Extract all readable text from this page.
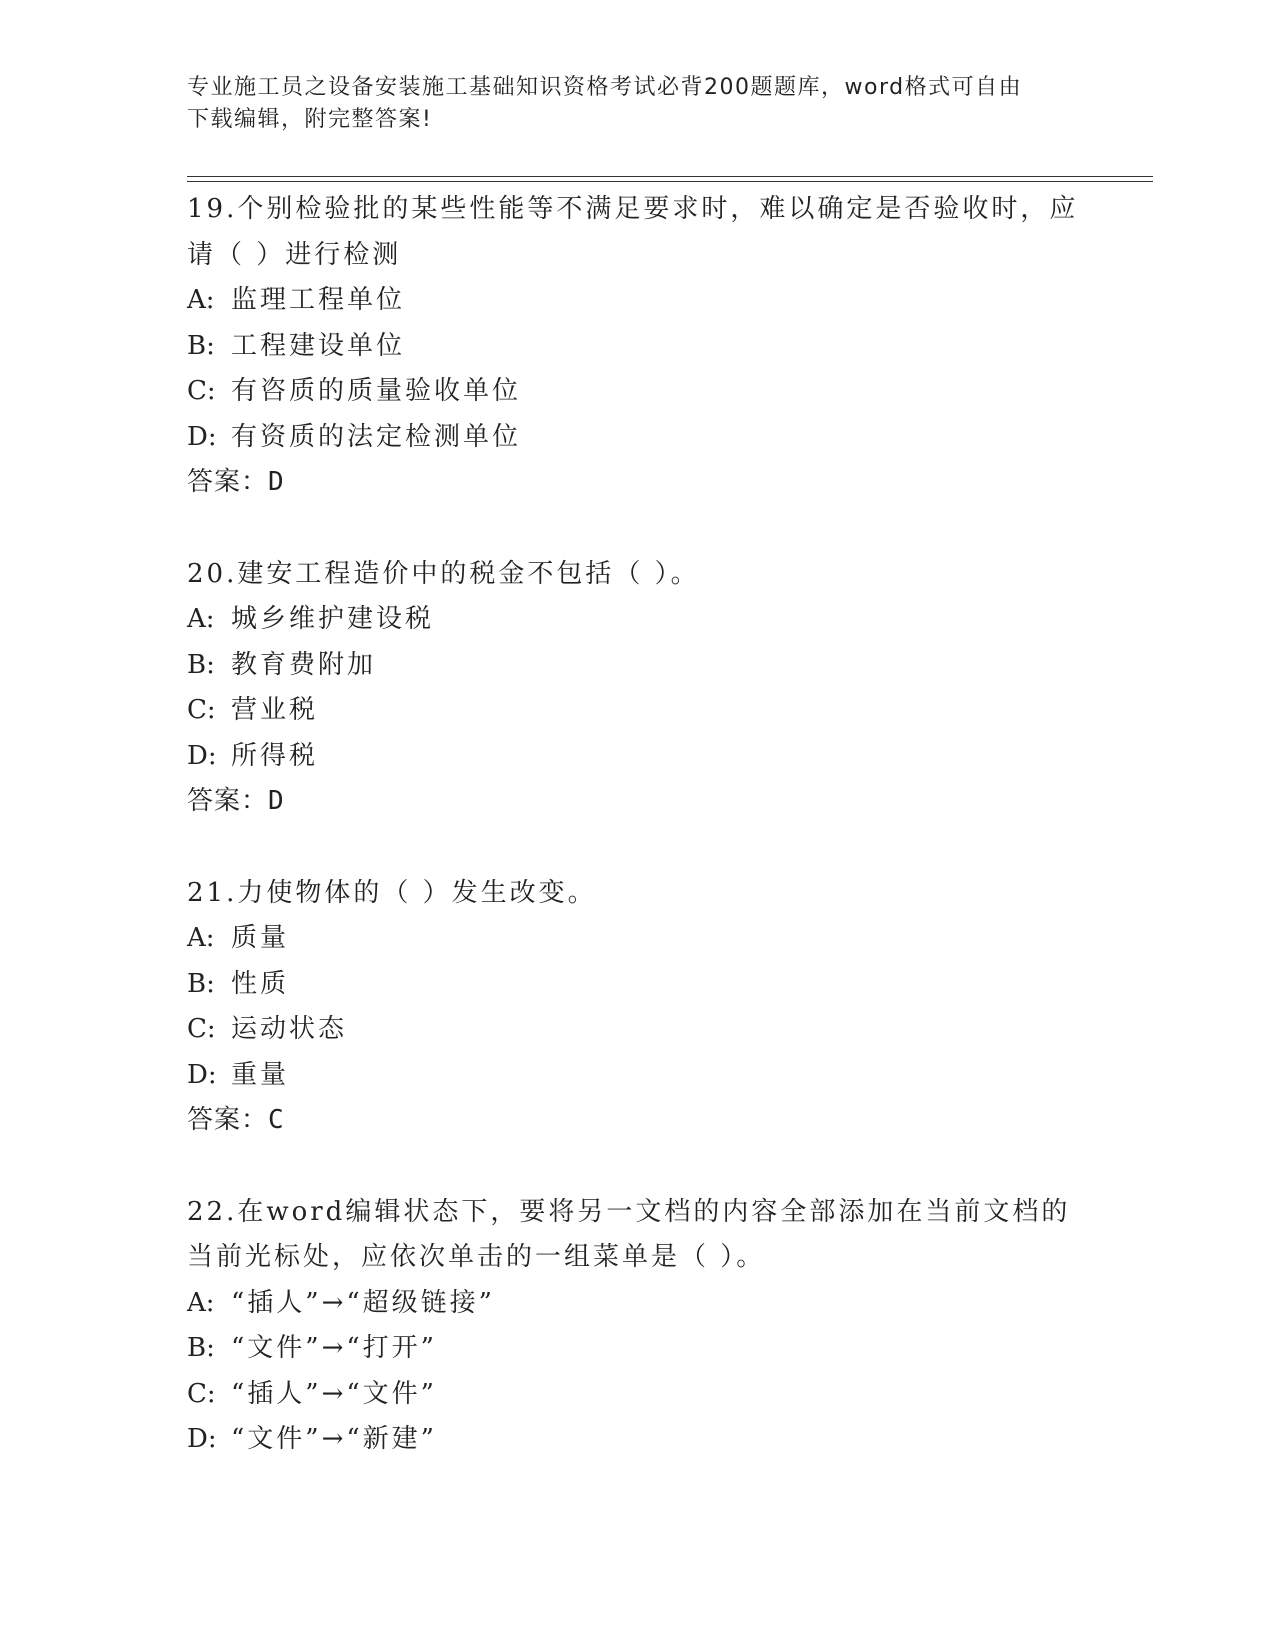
专业施工员之设备安装施工基础知识资格考试必背200题题库，word格式可自由
下载编辑，附完整答案!
19.个别检验批的某些性能等不满足要求时，难以确定是否验收时，应
请（ ）进行检测
A: 监理工程单位
B: 工程建设单位
C: 有咨质的质量验收单位
D: 有资质的法定检测单位
答案：D
20.建安工程造价中的税金不包括（ ）。
A: 城乡维护建设税
B: 教育费附加
C: 营业税
D: 所得税
答案：D
21.力使物体的（ ）发生改变。
A: 质量
B: 性质
C: 运动状态
D: 重量
答案：C
22.在word编辑状态下，要将另一文档的内容全部添加在当前文档的
当前光标处，应依次单击的一组菜单是（ ）。
A: “插人”→“超级链接”
B: “文件”→“打开”
C: “插人”→“文件”
D: “文件”→“新建”
